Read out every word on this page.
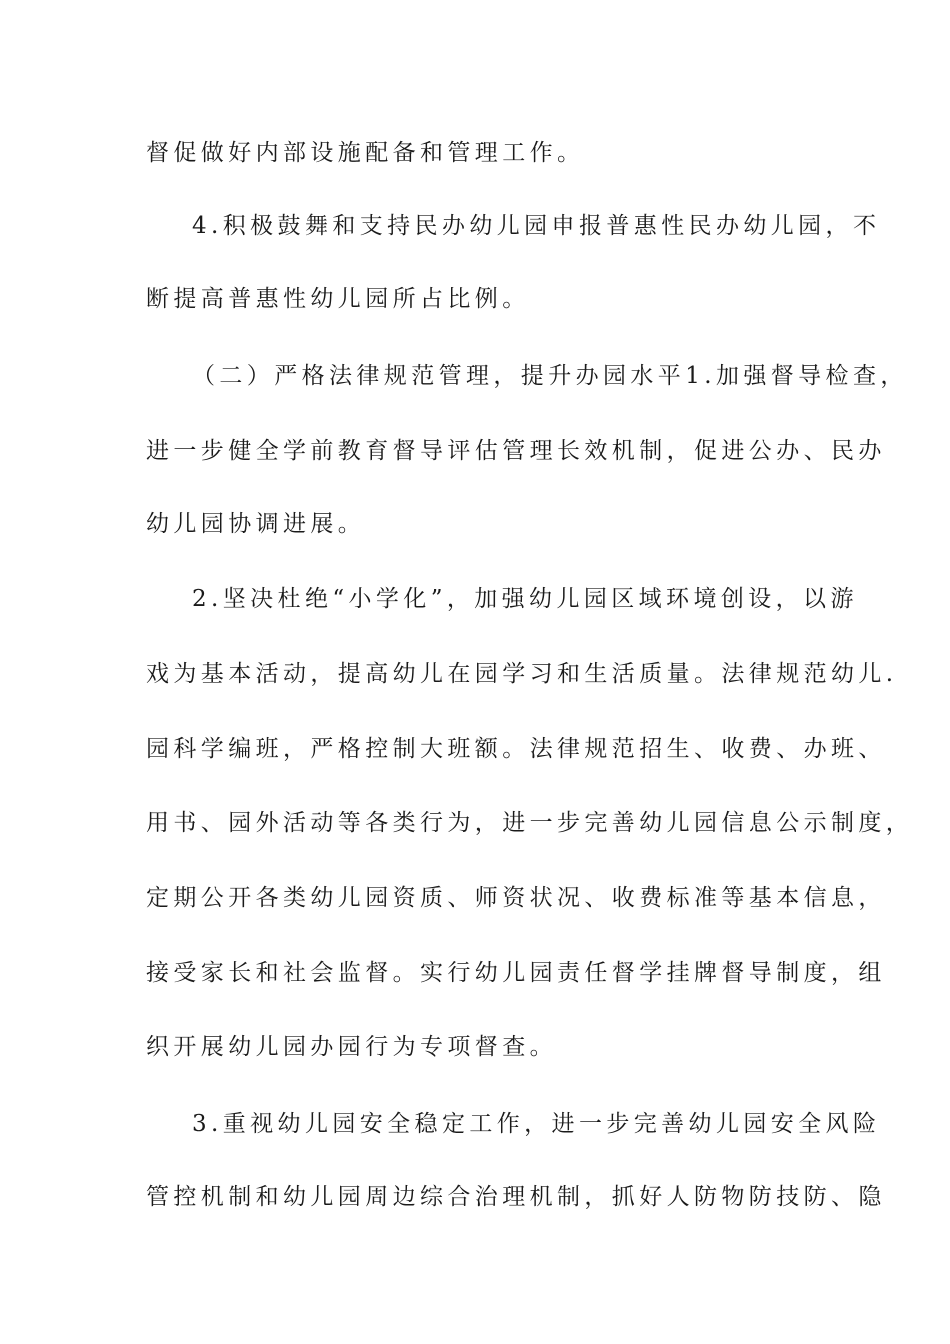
督促做好内部设施配备和管理工作。
4.积极鼓舞和支持民办幼儿园申报普惠性民办幼儿园，不
断提高普惠性幼儿园所占比例。
（二）严格法律规范管理，提升办园水平1.加强督导检查，
进一步健全学前教育督导评估管理长效机制，促进公办、民办
幼儿园协调进展。
2.坚决杜绝“小学化”，加强幼儿园区域环境创设，以游
戏为基本活动，提高幼儿在园学习和生活质量。法律规范幼儿.
园科学编班，严格控制大班额。法律规范招生、收费、办班、
用书、园外活动等各类行为，进一步完善幼儿园信息公示制度，
定期公开各类幼儿园资质、师资状况、收费标准等基本信息，
接受家长和社会监督。实行幼儿园责任督学挂牌督导制度，组
织开展幼儿园办园行为专项督查。
3.重视幼儿园安全稳定工作，进一步完善幼儿园安全风险
管控机制和幼儿园周边综合治理机制，抓好人防物防技防、隐
